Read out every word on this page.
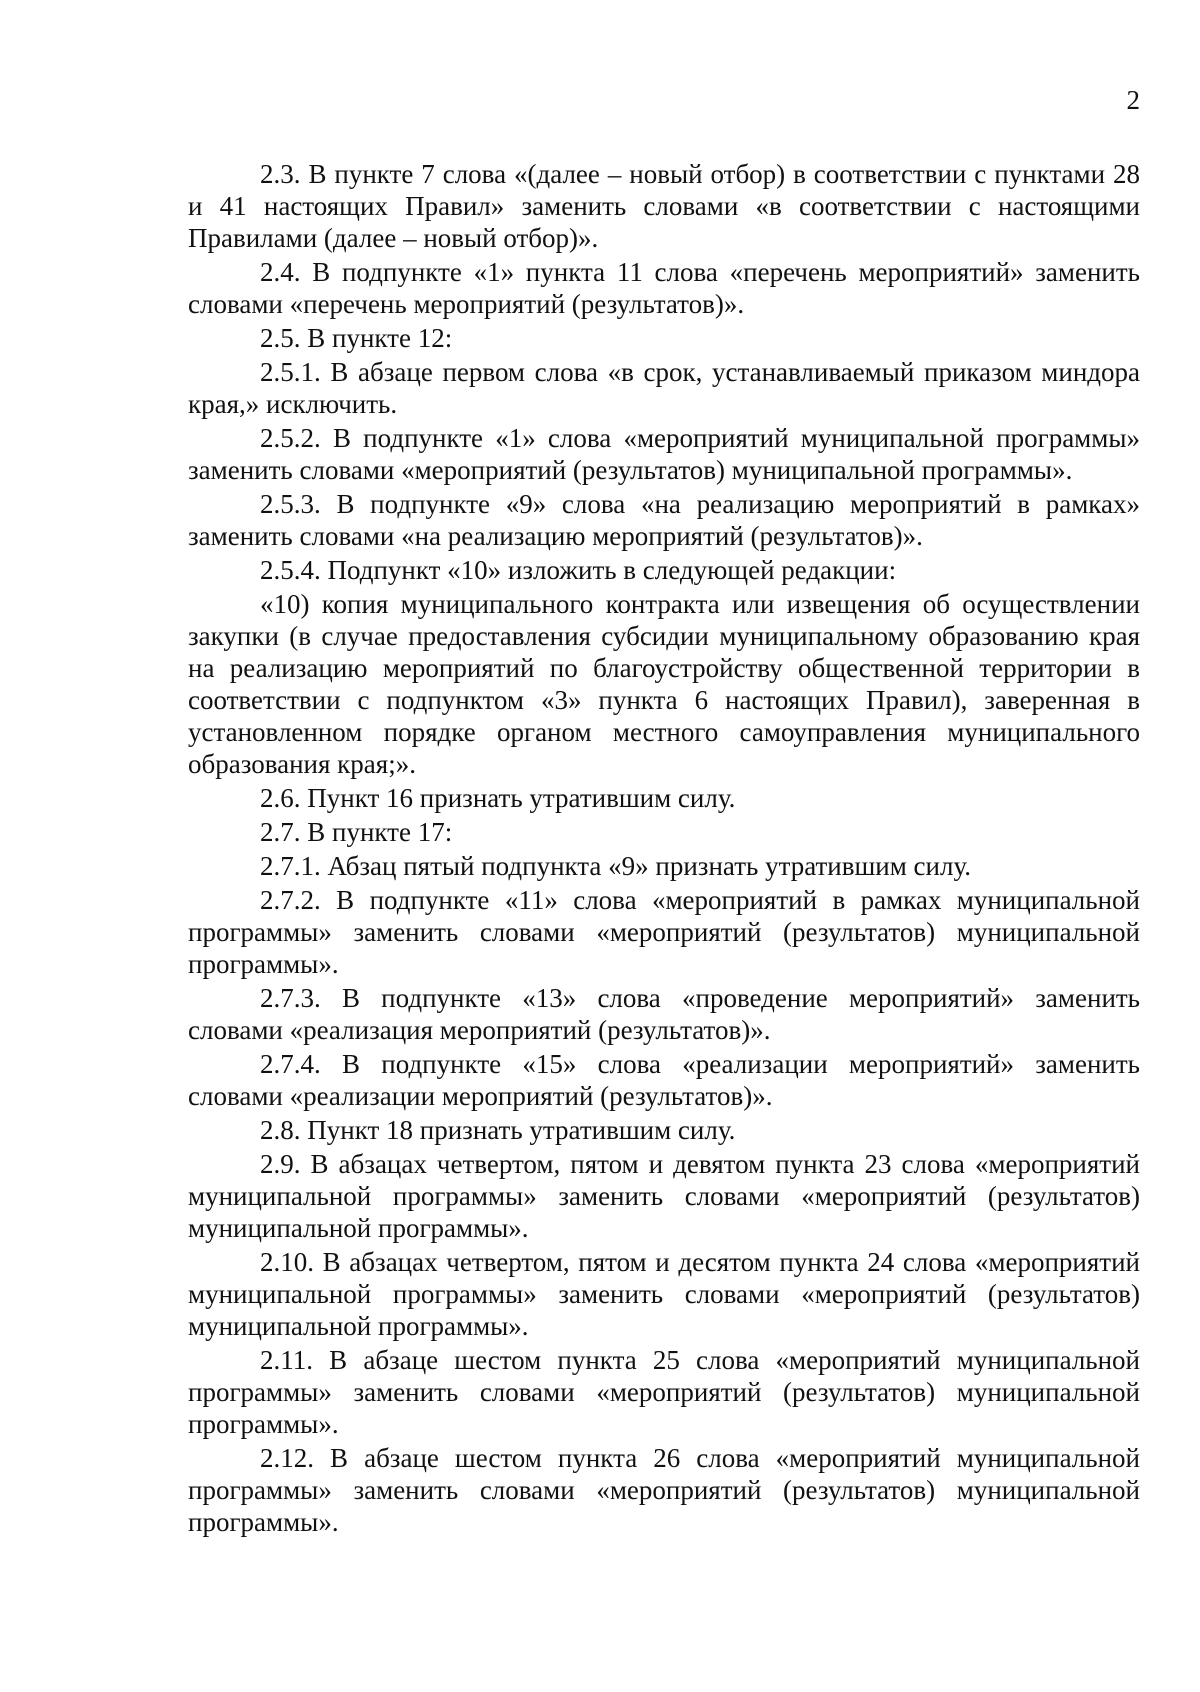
2

2.3. В пункте 7 слова «(далее – новый отбор) в соответствии с пунктами 28 и 41 настоящих Правил» заменить словами «в соответствии с настоящими Правилами (далее – новый отбор)».

2.4. В подпункте «1» пункта 11 слова «перечень мероприятий» заменить словами «перечень мероприятий (результатов)».

2.5. В пункте 12:

2.5.1. В абзаце первом слова «в срок, устанавливаемый приказом миндора края,» исключить.

2.5.2. В подпункте «1» слова «мероприятий муниципальной программы» заменить словами «мероприятий (результатов) муниципальной программы».

2.5.3. В подпункте «9» слова «на реализацию мероприятий в рамках» заменить словами «на реализацию мероприятий (результатов)».

2.5.4. Подпункт «10» изложить в следующей редакции:

«10) копия муниципального контракта или извещения об осуществлении закупки (в случае предоставления субсидии муниципальному образованию края на реализацию мероприятий по благоустройству общественной территории в соответствии с подпунктом «3» пункта 6 настоящих Правил), заверенная в установленном порядке органом местного самоуправления муниципального образования края;».

2.6. Пункт 16 признать утратившим силу.

2.7. В пункте 17:

2.7.1. Абзац пятый подпункта «9» признать утратившим силу.

2.7.2. В подпункте «11» слова «мероприятий в рамках муниципальной программы» заменить словами «мероприятий (результатов) муниципальной программы».

2.7.3. В подпункте «13» слова «проведение мероприятий» заменить словами «реализация мероприятий (результатов)».

2.7.4. В подпункте «15» слова «реализации мероприятий» заменить словами «реализации мероприятий (результатов)».

2.8. Пункт 18 признать утратившим силу.

2.9. В абзацах четвертом, пятом и девятом пункта 23 слова «мероприятий муниципальной программы» заменить словами «мероприятий (результатов) муниципальной программы».

2.10. В абзацах четвертом, пятом и десятом пункта 24 слова «мероприятий муниципальной программы» заменить словами «мероприятий (результатов) муниципальной программы».

2.11. В абзаце шестом пункта 25 слова «мероприятий муниципальной программы» заменить словами «мероприятий (результатов) муниципальной программы».

2.12. В абзаце шестом пункта 26 слова «мероприятий муниципальной программы» заменить словами «мероприятий (результатов) муниципальной программы».
